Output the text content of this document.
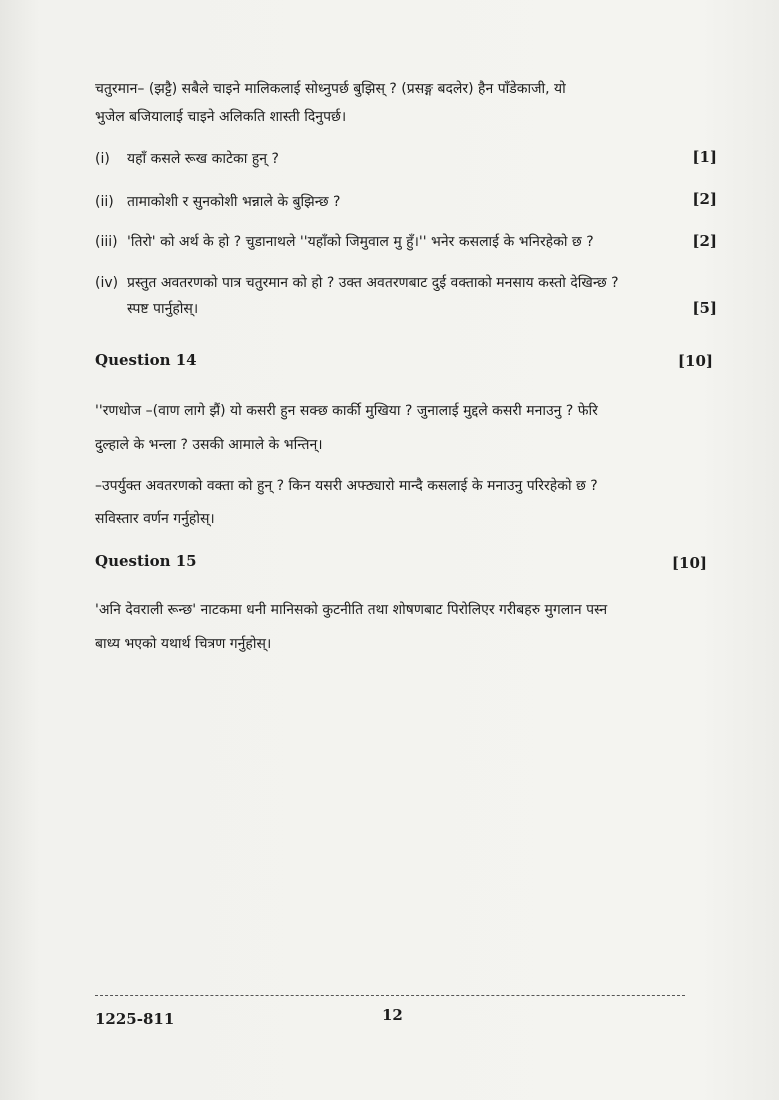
चतुरमान– (झट्टै) सबैले चाइने मालिकलाई सोध्नुपर्छ बुझिस् ? (प्रसङ्ग बदलेर) हैन पाँडेकाजी, यो
भुजेल बजियालाई चाइने अलिकति शास्ती दिनुपर्छ।
(i) यहाँ कसले रूख काटेका हुन् ?	[1]
(ii) तामाकोशी र सुनकोशी भन्नाले के बुझिन्छ ?	[2]
(iii) 'तिरो' को अर्थ के हो ? चुडानाथले ''यहाँको जिमुवाल मु हुँ।'' भनेर कसलाई के भनिरहेको छ ?	[2]
(iv) प्रस्तुत अवतरणको पात्र चतुरमान को हो ? उक्त अवतरणबाट दुई वक्ताको मनसाय कस्तो देखिन्छ ?
स्पष्ट पार्नुहोस्।	[5]
Question 14	[10]
''रणधोज –(वाण लागे झैं) यो कसरी हुन सक्छ कार्की मुखिया ? जुनालाई मुद्दले कसरी मनाउनु ? फेरि
दुल्हाले के भन्ला ? उसकी आमाले के भन्तिन्।
–उपर्युक्त अवतरणको वक्ता को हुन् ? किन यसरी अफ्ठ्यारो मान्दै कसलाई के मनाउनु परिरहेको छ ?
सविस्तार वर्णन गर्नुहोस्।
Question 15	[10]
'अनि देवराली रून्छ' नाटकमा धनी मानिसको कुटनीति तथा शोषणबाट पिरोलिएर गरीबहरु मुगलान पस्न
बाध्य भएको यथार्थ चित्रण गर्नुहोस्।
1225-811	12
